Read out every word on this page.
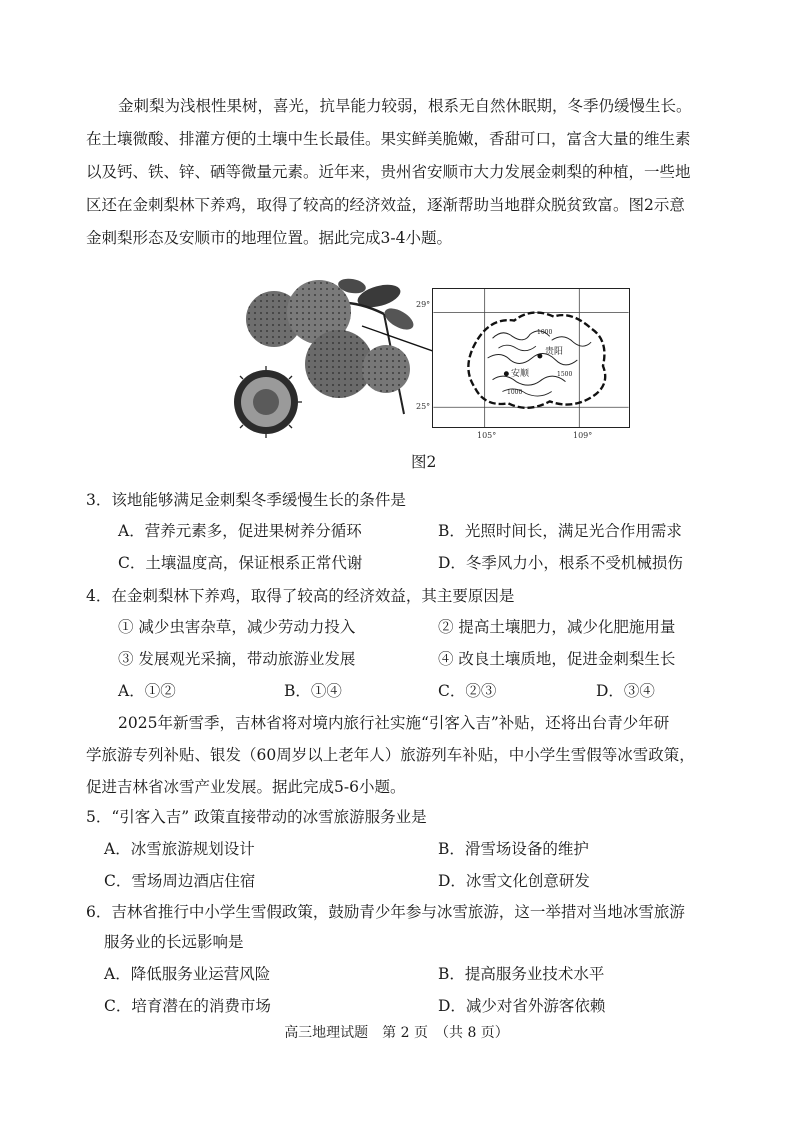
金刺梨为浅根性果树，喜光，抗旱能力较弱，根系无自然休眠期，冬季仍缓慢生长。
在土壤微酸、排灌方便的土壤中生长最佳。果实鲜美脆嫩，香甜可口，富含大量的维生素
以及钙、铁、锌、硒等微量元素。近年来，贵州省安顺市大力发展金刺梨的种植，一些地
区还在金刺梨林下养鸡，取得了较高的经济效益，逐渐帮助当地群众脱贫致富。图2示意
金刺梨形态及安顺市的地理位置。据此完成3-4小题。
29°
25°
贵阳
安顺
1000
1500
1000
105°	109°
图2
3．该地能够满足金刺梨冬季缓慢生长的条件是
A．营养元素多，促进果树养分循环	B．光照时间长，满足光合作用需求
C．土壤温度高，保证根系正常代谢	D．冬季风力小，根系不受机械损伤
4．在金刺梨林下养鸡，取得了较高的经济效益，其主要原因是
① 减少虫害杂草，减少劳动力投入	② 提高土壤肥力，减少化肥施用量
③ 发展观光采摘，带动旅游业发展	④ 改良土壤质地，促进金刺梨生长
A．①②	B．①④	C．②③	D．③④
2025年新雪季，吉林省将对境内旅行社实施“引客入吉”补贴，还将出台青少年研
学旅游专列补贴、银发（60周岁以上老年人）旅游列车补贴，中小学生雪假等冰雪政策，
促进吉林省冰雪产业发展。据此完成5-6小题。
5．“引客入吉” 政策直接带动的冰雪旅游服务业是
A．冰雪旅游规划设计	B．滑雪场设备的维护
C．雪场周边酒店住宿	D．冰雪文化创意研发
6．吉林省推行中小学生雪假政策，鼓励青少年参与冰雪旅游，这一举措对当地冰雪旅游
服务业的长远影响是
A．降低服务业运营风险	B．提高服务业技术水平
C．培育潜在的消费市场	D．减少对省外游客依赖
高三地理试题　第 2 页　（共 8 页）
